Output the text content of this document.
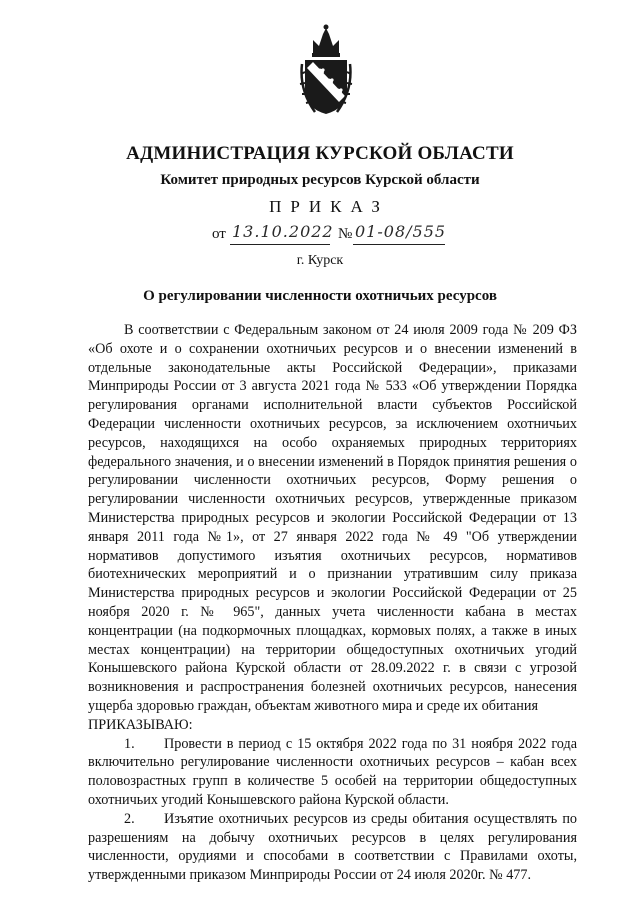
АДМИНИСТРАЦИЯ КУРСКОЙ ОБЛАСТИ
Комитет природных ресурсов Курской области
ПРИКАЗ
от 13.10.2022 № 01-08/555
г. Курск
О регулировании численности охотничьих ресурсов

В соответствии с Федеральным законом от 24 июля 2009 года № 209 ФЗ «Об охоте и о сохранении охотничьих ресурсов и о внесении изменений в отдельные законодательные акты Российской Федерации», приказами Минприроды России от 3 августа 2021 года № 533 «Об утверждении Порядка регулирования органами исполнительной власти субъектов Российской Федерации численности охотничьих ресурсов, за исключением охотничьих ресурсов, находящихся на особо охраняемых природных территориях федерального значения, и о внесении изменений в Порядок принятия решения о регулировании численности охотничьих ресурсов, Форму решения о регулировании численности охотничьих ресурсов, утвержденные приказом Министерства природных ресурсов и экологии Российской Федерации от 13 января 2011 года №1», от 27 января 2022 года № 49 "Об утверждении нормативов допустимого изъятия охотничьих ресурсов, нормативов биотехнических мероприятий и о признании утратившим силу приказа Министерства природных ресурсов и экологии Российской Федерации от 25 ноября 2020 г. № 965", данных учета численности кабана в местах концентрации (на подкормочных площадках, кормовых полях, а также в иных местах концентрации) на территории общедоступных охотничьих угодий Конышевского района Курской области от 28.09.2022 г. в связи с угрозой возникновения и распространения болезней охотничьих ресурсов, нанесения ущерба здоровью граждан, объектам животного мира и среде их обитания

ПРИКАЗЫВАЮ:

1. Провести в период с 15 октября 2022 года по 31 ноября 2022 года включительно регулирование численности охотничьих ресурсов – кабан всех половозрастных групп в количестве 5 особей на территории общедоступных охотничьих угодий Конышевского района Курской области.

2. Изъятие охотничьих ресурсов из среды обитания осуществлять по разрешениям на добычу охотничьих ресурсов в целях регулирования численности, орудиями и способами в соответствии с Правилами охоты, утвержденными приказом Минприроды России от 24 июля 2020г. № 477.
